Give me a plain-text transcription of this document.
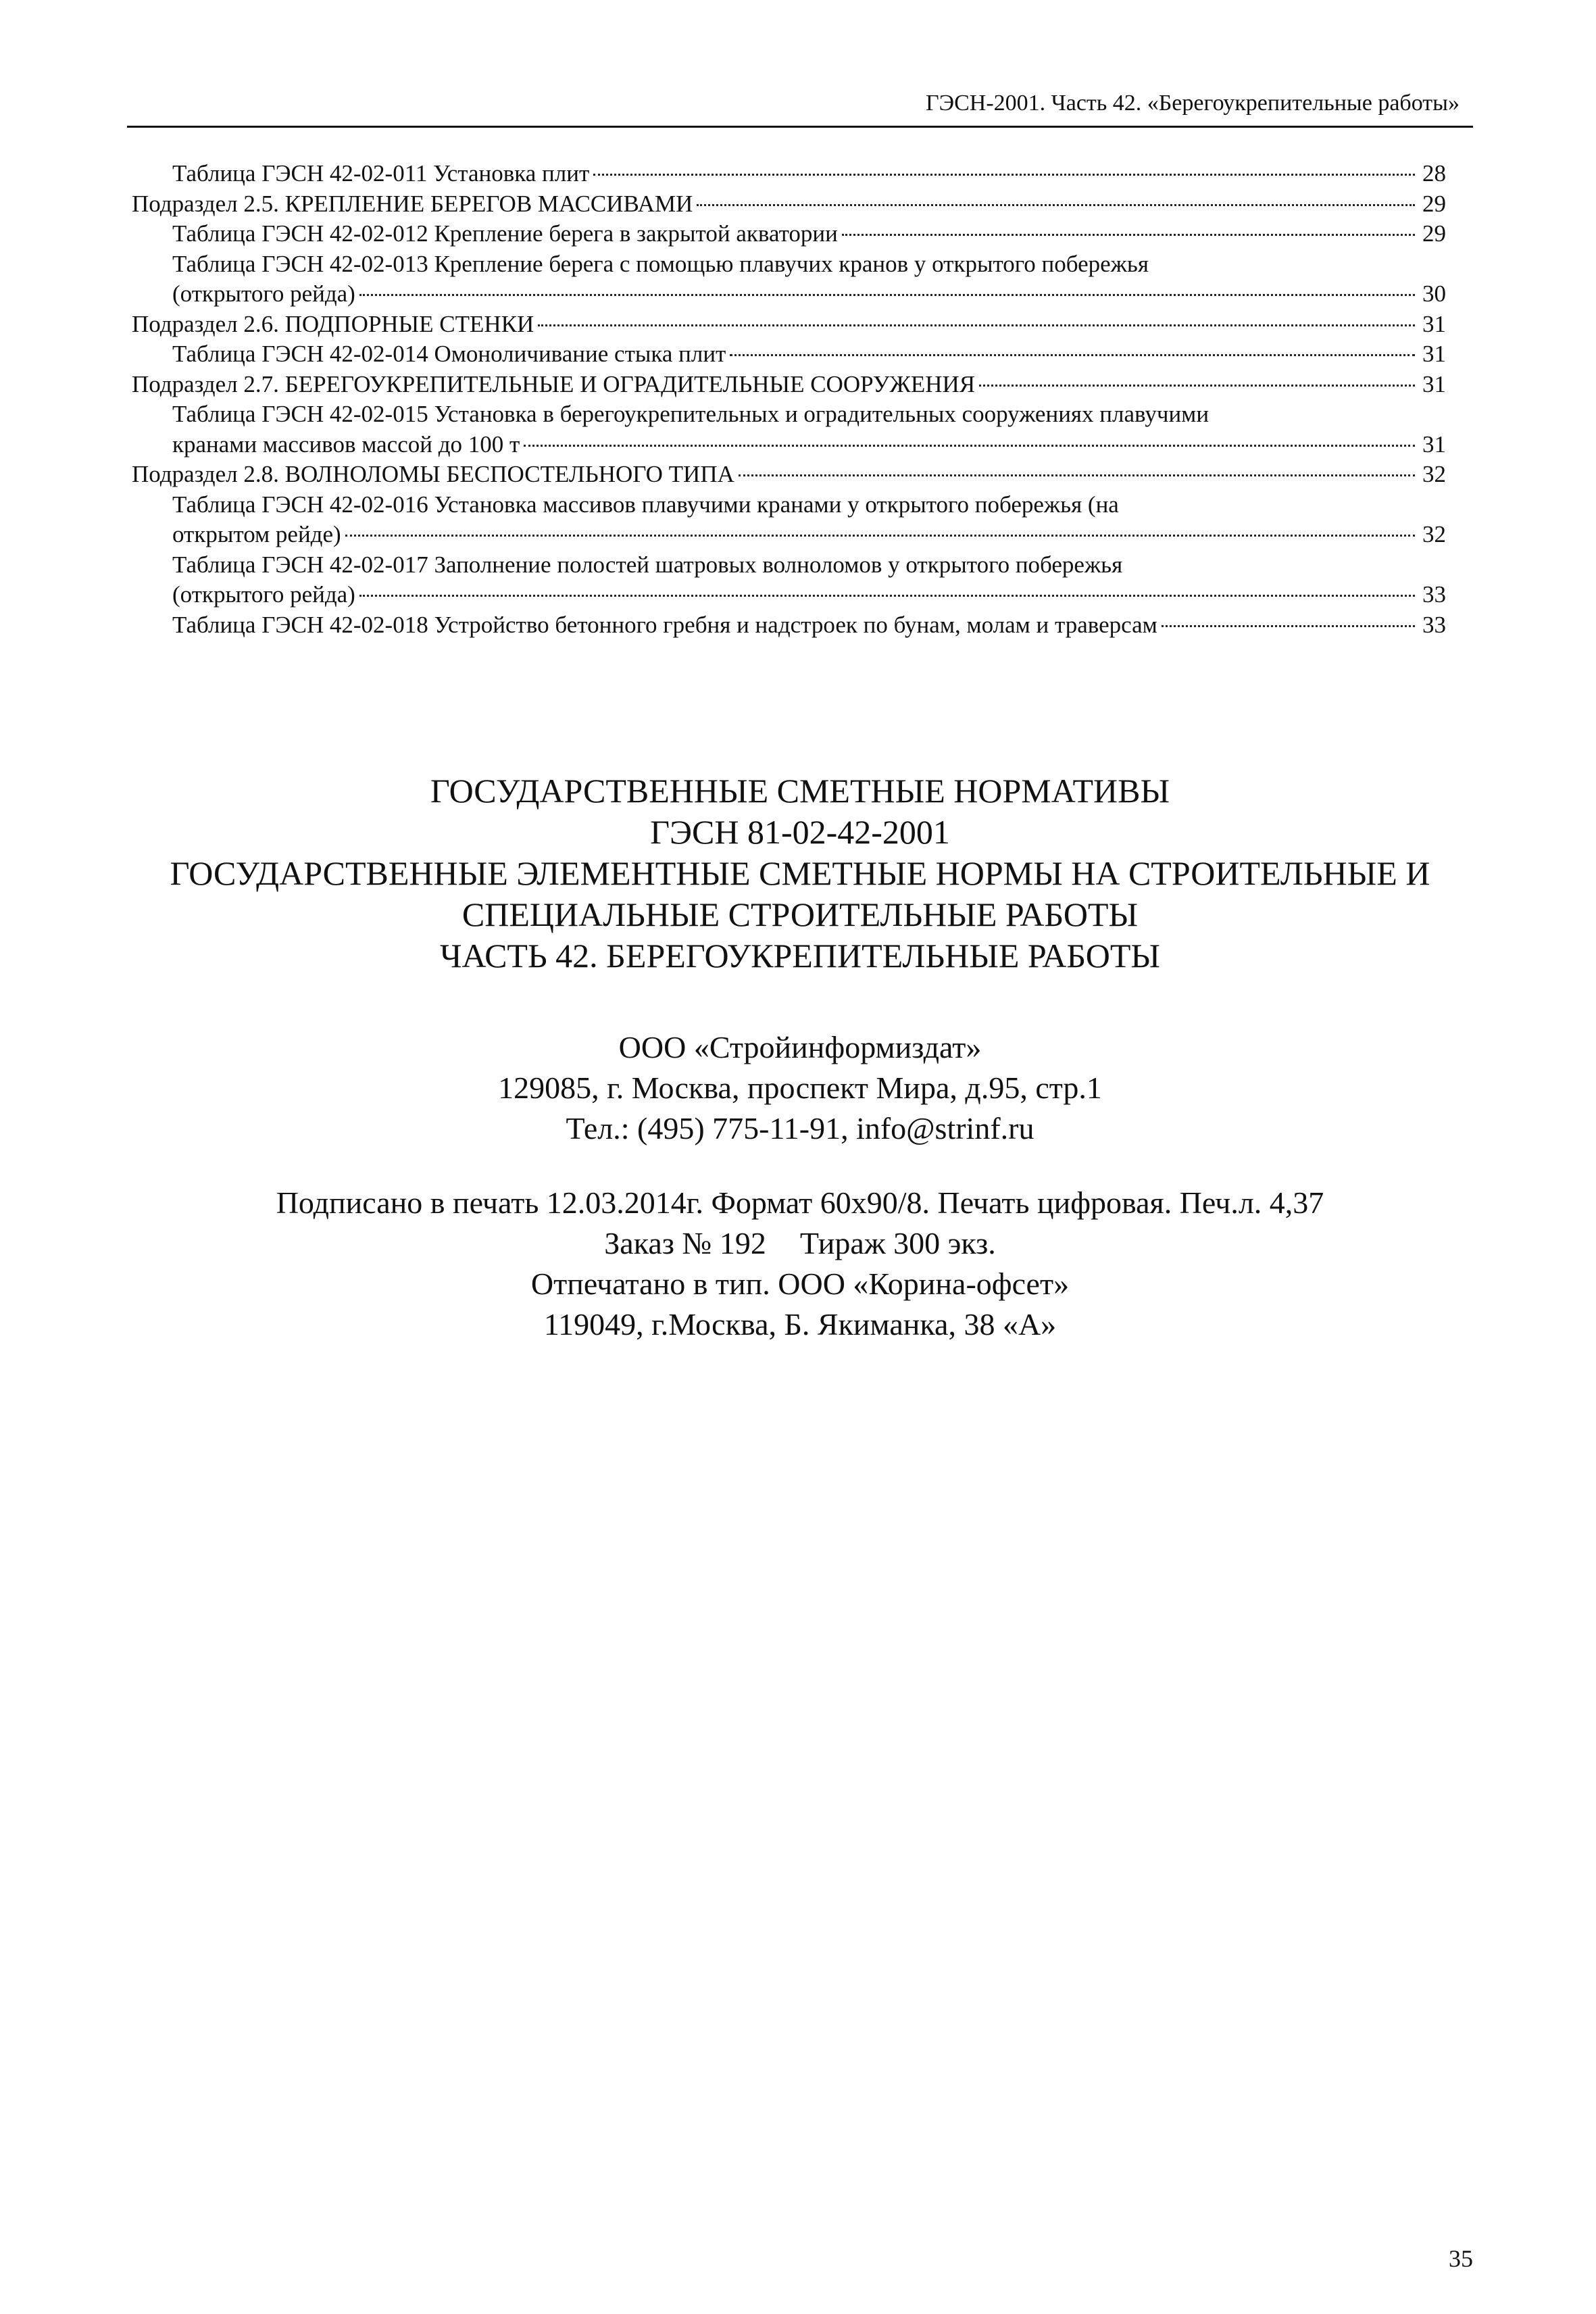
ГЭСН-2001. Часть 42. «Берегоукрепительные работы»
Таблица ГЭСН 42-02-011 Установка плит	28
Подраздел 2.5. КРЕПЛЕНИЕ БЕРЕГОВ МАССИВАМИ	29
Таблица ГЭСН 42-02-012 Крепление берега в закрытой акватории	29
Таблица ГЭСН 42-02-013 Крепление берега с помощью плавучих кранов у открытого побережья
(открытого рейда)	30
Подраздел 2.6. ПОДПОРНЫЕ СТЕНКИ	31
Таблица ГЭСН 42-02-014 Омоноличивание стыка плит	31
Подраздел 2.7. БЕРЕГОУКРЕПИТЕЛЬНЫЕ И ОГРАДИТЕЛЬНЫЕ СООРУЖЕНИЯ	31
Таблица ГЭСН 42-02-015 Установка в берегоукрепительных и оградительных сооружениях плавучими
кранами массивов массой до 100 т	31
Подраздел 2.8. ВОЛНОЛОМЫ БЕСПОСТЕЛЬНОГО ТИПА	32
Таблица ГЭСН 42-02-016 Установка массивов плавучими кранами у открытого побережья (на
открытом рейде)	32
Таблица ГЭСН 42-02-017 Заполнение полостей шатровых волноломов у открытого побережья
(открытого рейда)	33
Таблица ГЭСН 42-02-018 Устройство бетонного гребня и надстроек по бунам, молам и траверсам	33
ГОСУДАРСТВЕННЫЕ СМЕТНЫЕ НОРМАТИВЫ
ГЭСН 81-02-42-2001
ГОСУДАРСТВЕННЫЕ ЭЛЕМЕНТНЫЕ СМЕТНЫЕ НОРМЫ НА СТРОИТЕЛЬНЫЕ И
СПЕЦИАЛЬНЫЕ СТРОИТЕЛЬНЫЕ РАБОТЫ
ЧАСТЬ 42. БЕРЕГОУКРЕПИТЕЛЬНЫЕ РАБОТЫ
ООО «Стройинформиздат»
129085, г. Москва, проспект Мира, д.95, стр.1
Тел.: (495) 775-11-91, info@strinf.ru
Подписано в печать 12.03.2014г. Формат 60х90/8. Печать цифровая. Печ.л. 4,37
Заказ № 192 Тираж 300 экз.
Отпечатано в тип. ООО «Корина-офсет»
119049, г.Москва, Б. Якиманка, 38 «А»
35
